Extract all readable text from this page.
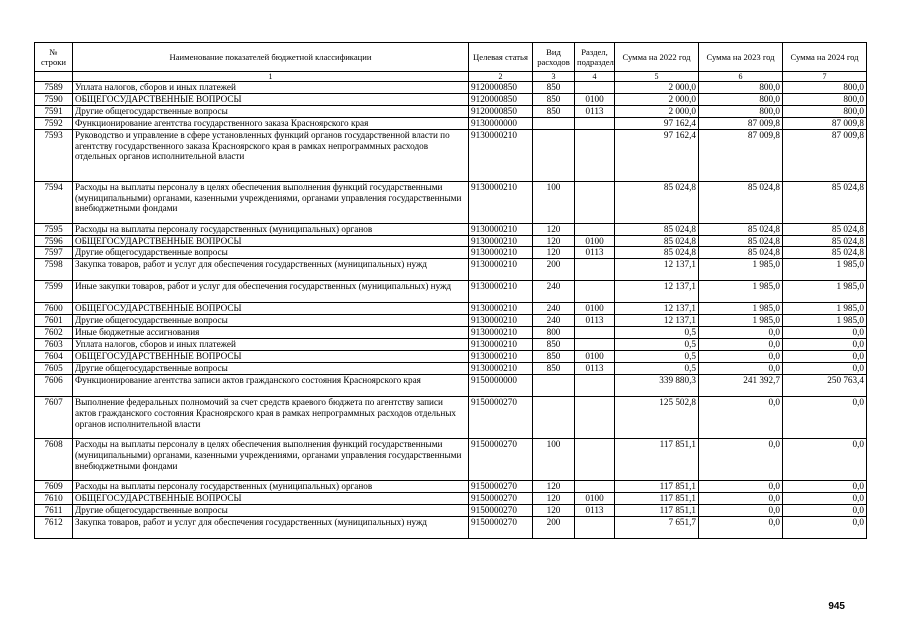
№ строки	Наименование показателей бюджетной классификации	Целевая статья	Вид расходов	Раздел, подраздел	Сумма на 2022 год	Сумма на 2023 год	Сумма на 2024 год
	1	2	3	4	5	6	7
7589	Уплата налогов, сборов и иных платежей	9120000850	850		2 000,0	800,0	800,0
7590	ОБЩЕГОСУДАРСТВЕННЫЕ ВОПРОСЫ	9120000850	850	0100	2 000,0	800,0	800,0
7591	Другие общегосударственные вопросы	9120000850	850	0113	2 000,0	800,0	800,0
7592	Функционирование агентства государственного заказа Красноярского края	9130000000			97 162,4	87 009,8	87 009,8
7593	Руководство и управление в сфере установленных функций органов государственной власти по агентству государственного заказа Красноярского края в рамках непрограммных расходов отдельных органов исполнительной власти	9130000210			97 162,4	87 009,8	87 009,8
7594	Расходы на выплаты персоналу в целях обеспечения выполнения функций государственными (муниципальными) органами, казенными учреждениями, органами управления государственными внебюджетными фондами	9130000210	100		85 024,8	85 024,8	85 024,8
7595	Расходы на выплаты персоналу государственных (муниципальных) органов	9130000210	120		85 024,8	85 024,8	85 024,8
7596	ОБЩЕГОСУДАРСТВЕННЫЕ ВОПРОСЫ	9130000210	120	0100	85 024,8	85 024,8	85 024,8
7597	Другие общегосударственные вопросы	9130000210	120	0113	85 024,8	85 024,8	85 024,8
7598	Закупка товаров, работ и услуг для обеспечения государственных (муниципальных) нужд	9130000210	200		12 137,1	1 985,0	1 985,0
7599	Иные закупки товаров, работ и услуг для обеспечения государственных (муниципальных) нужд	9130000210	240		12 137,1	1 985,0	1 985,0
7600	ОБЩЕГОСУДАРСТВЕННЫЕ ВОПРОСЫ	9130000210	240	0100	12 137,1	1 985,0	1 985,0
7601	Другие общегосударственные вопросы	9130000210	240	0113	12 137,1	1 985,0	1 985,0
7602	Иные бюджетные ассигнования	9130000210	800		0,5	0,0	0,0
7603	Уплата налогов, сборов и иных платежей	9130000210	850		0,5	0,0	0,0
7604	ОБЩЕГОСУДАРСТВЕННЫЕ ВОПРОСЫ	9130000210	850	0100	0,5	0,0	0,0
7605	Другие общегосударственные вопросы	9130000210	850	0113	0,5	0,0	0,0
7606	Функционирование агентства записи актов гражданского состояния Красноярского края	9150000000			339 880,3	241 392,7	250 763,4
7607	Выполнение федеральных полномочий за счет средств краевого бюджета по агентству записи актов гражданского состояния Красноярского края в рамках непрограммных расходов отдельных органов исполнительной власти	9150000270			125 502,8	0,0	0,0
7608	Расходы на выплаты персоналу в целях обеспечения выполнения функций государственными (муниципальными) органами, казенными учреждениями, органами управления государственными внебюджетными фондами	9150000270	100		117 851,1	0,0	0,0
7609	Расходы на выплаты персоналу государственных (муниципальных) органов	9150000270	120		117 851,1	0,0	0,0
7610	ОБЩЕГОСУДАРСТВЕННЫЕ ВОПРОСЫ	9150000270	120	0100	117 851,1	0,0	0,0
7611	Другие общегосударственные вопросы	9150000270	120	0113	117 851,1	0,0	0,0
7612	Закупка товаров, работ и услуг для обеспечения государственных (муниципальных) нужд	9150000270	200		7 651,7	0,0	0,0
945
